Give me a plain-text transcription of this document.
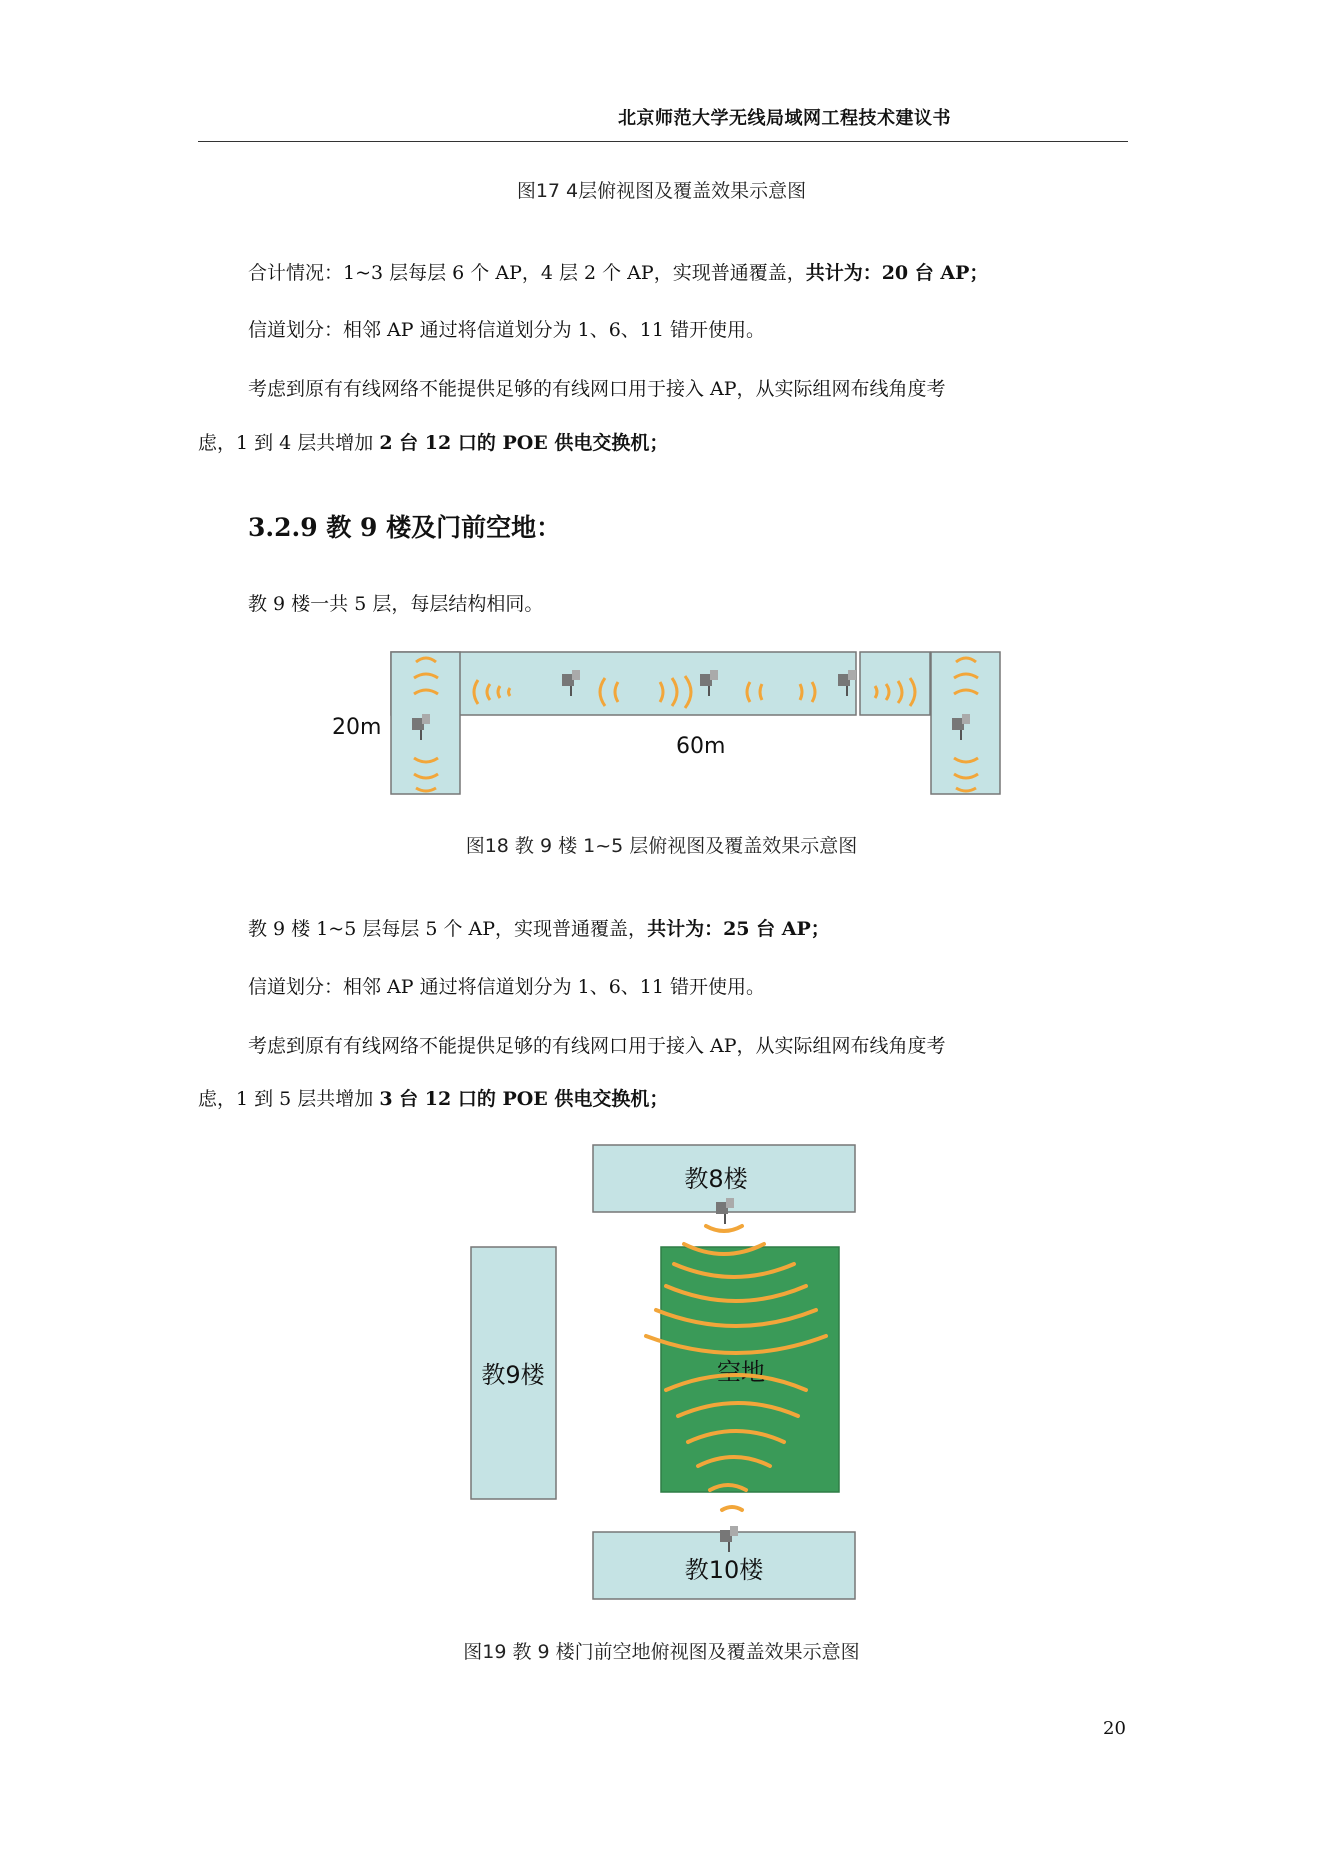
北京师范大学无线局域网工程技术建议书
图17 4层俯视图及覆盖效果示意图
合计情况：1~3 层每层 6 个 AP，4 层 2 个 AP，实现普通覆盖，共计为：20 台 AP；
信道划分：相邻 AP 通过将信道划分为 1、6、11 错开使用。
考虑到原有有线网络不能提供足够的有线网口用于接入 AP，从实际组网布线角度考
虑，1 到 4 层共增加 2 台 12 口的 POE 供电交换机；
3.2.9 教 9 楼及门前空地：
教 9 楼一共 5 层，每层结构相同。
20m
60m
图18 教 9 楼 1~5 层俯视图及覆盖效果示意图
教 9 楼 1~5 层每层 5 个 AP，实现普通覆盖，共计为：25 台 AP；
信道划分：相邻 AP 通过将信道划分为 1、6、11 错开使用。
考虑到原有有线网络不能提供足够的有线网口用于接入 AP，从实际组网布线角度考
虑，1 到 5 层共增加 3 台 12 口的 POE 供电交换机；
教8楼
教9楼	空地
教10楼
图19 教 9 楼门前空地俯视图及覆盖效果示意图
20
